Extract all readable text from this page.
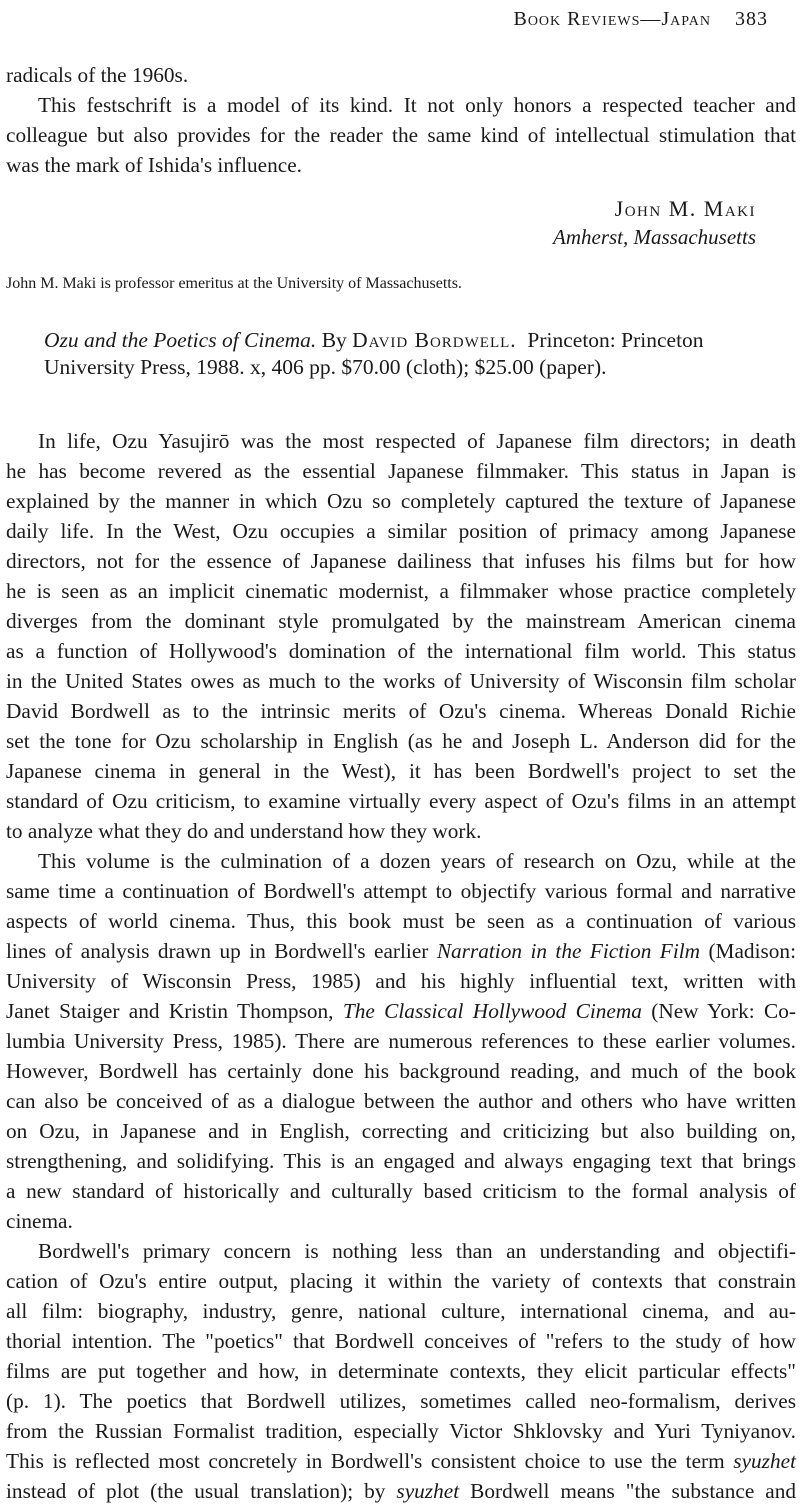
Book Reviews—Japan 383
radicals of the 1960s.
This festschrift is a model of its kind. It not only honors a respected teacher and
colleague but also provides for the reader the same kind of intellectual stimulation that
was the mark of Ishida's influence.
John M. Maki
Amherst, Massachusetts
John M. Maki is professor emeritus at the University of Massachusetts.
Ozu and the Poetics of Cinema. By David Bordwell. Princeton: Princeton
University Press, 1988. x, 406 pp. $70.00 (cloth); $25.00 (paper).
In life, Ozu Yasujirō was the most respected of Japanese film directors; in death
he has become revered as the essential Japanese filmmaker. This status in Japan is
explained by the manner in which Ozu so completely captured the texture of Japanese
daily life. In the West, Ozu occupies a similar position of primacy among Japanese
directors, not for the essence of Japanese dailiness that infuses his films but for how
he is seen as an implicit cinematic modernist, a filmmaker whose practice completely
diverges from the dominant style promulgated by the mainstream American cinema
as a function of Hollywood's domination of the international film world. This status
in the United States owes as much to the works of University of Wisconsin film scholar
David Bordwell as to the intrinsic merits of Ozu's cinema. Whereas Donald Richie
set the tone for Ozu scholarship in English (as he and Joseph L. Anderson did for the
Japanese cinema in general in the West), it has been Bordwell's project to set the
standard of Ozu criticism, to examine virtually every aspect of Ozu's films in an attempt
to analyze what they do and understand how they work.
This volume is the culmination of a dozen years of research on Ozu, while at the
same time a continuation of Bordwell's attempt to objectify various formal and narrative
aspects of world cinema. Thus, this book must be seen as a continuation of various
lines of analysis drawn up in Bordwell's earlier Narration in the Fiction Film (Madison:
University of Wisconsin Press, 1985) and his highly influential text, written with
Janet Staiger and Kristin Thompson, The Classical Hollywood Cinema (New York: Co-
lumbia University Press, 1985). There are numerous references to these earlier volumes.
However, Bordwell has certainly done his background reading, and much of the book
can also be conceived of as a dialogue between the author and others who have written
on Ozu, in Japanese and in English, correcting and criticizing but also building on,
strengthening, and solidifying. This is an engaged and always engaging text that brings
a new standard of historically and culturally based criticism to the formal analysis of
cinema.
Bordwell's primary concern is nothing less than an understanding and objectifi-
cation of Ozu's entire output, placing it within the variety of contexts that constrain
all film: biography, industry, genre, national culture, international cinema, and au-
thorial intention. The "poetics" that Bordwell conceives of "refers to the study of how
films are put together and how, in determinate contexts, they elicit particular effects"
(p. 1). The poetics that Bordwell utilizes, sometimes called neo-formalism, derives
from the Russian Formalist tradition, especially Victor Shklovsky and Yuri Tyniyanov.
This is reflected most concretely in Bordwell's consistent choice to use the term syuzhet
instead of plot (the usual translation); by syuzhet Bordwell means "the substance and
